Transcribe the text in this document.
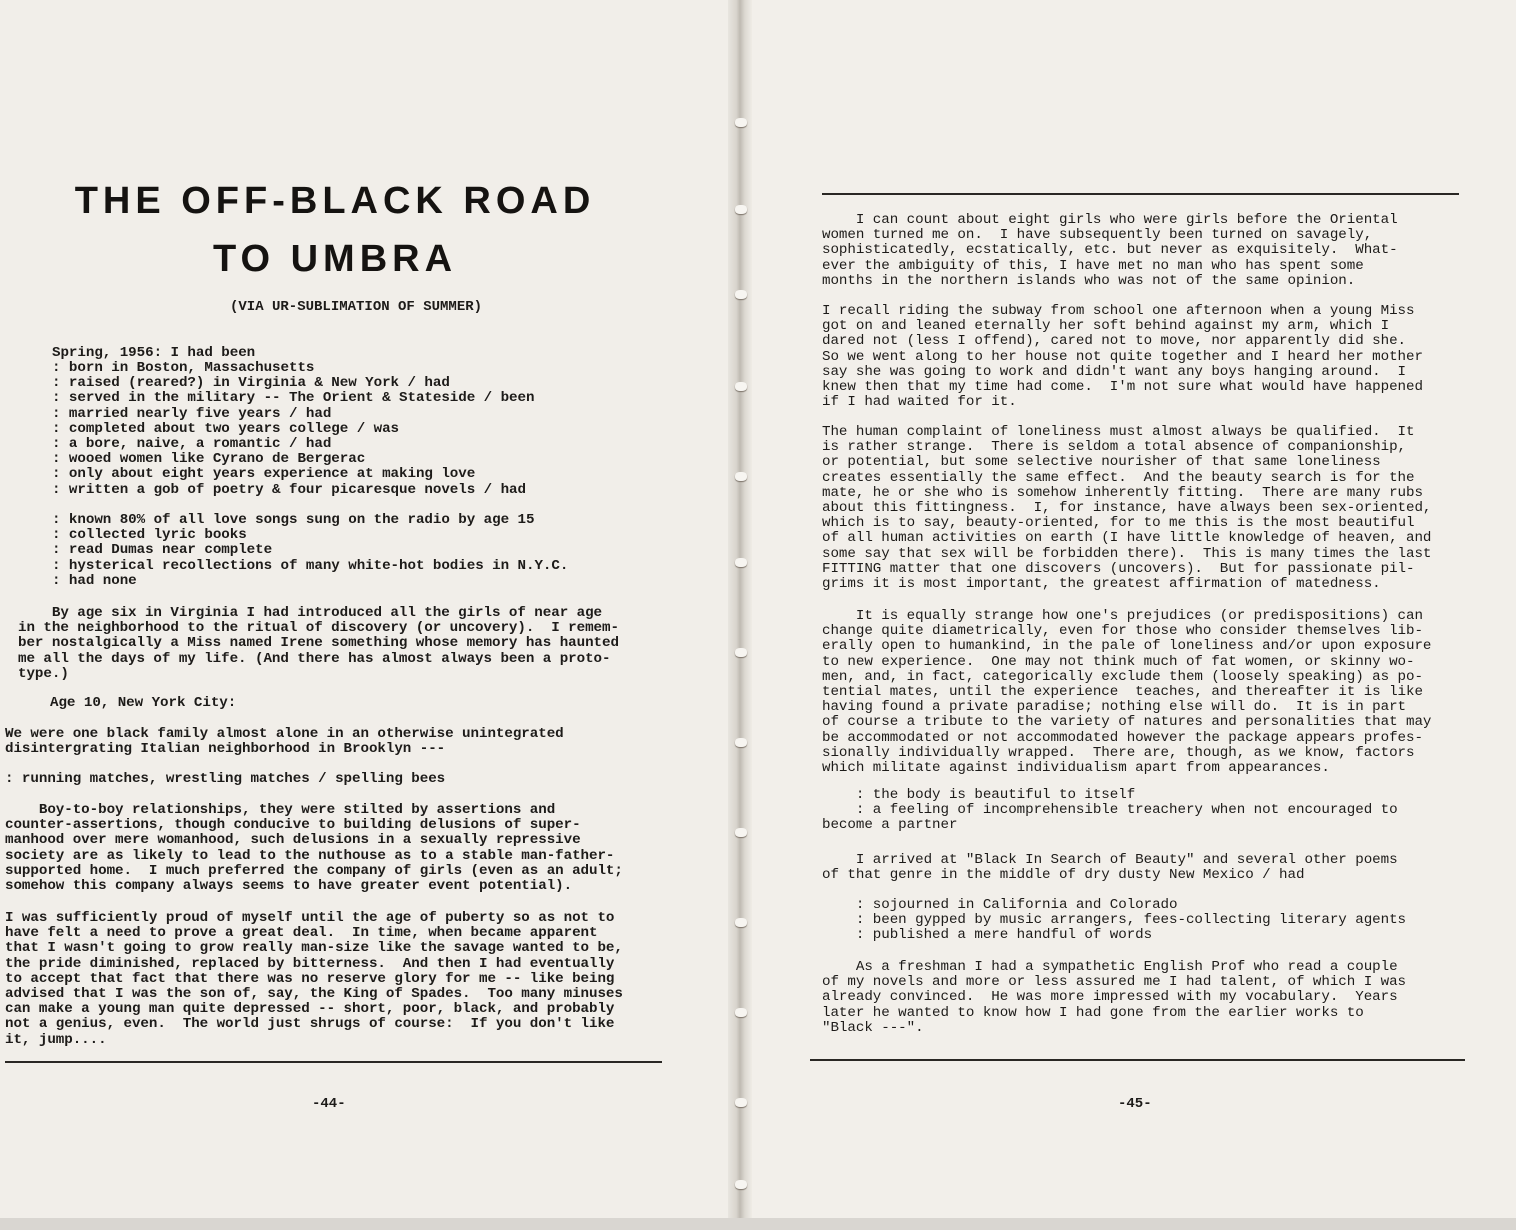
THE OFF-BLACK ROAD
TO UMBRA

(VIA UR-SUBLIMATION OF SUMMER)

Spring, 1956: I had been

: born in Boston, Massachusetts

: raised (reared?) in Virginia & New York / had

: served in the military -- The Orient & Stateside / been

: married nearly five years / had

: completed about two years college / was

: a bore, naive, a romantic / had

: wooed women like Cyrano de Bergerac

: only about eight years experience at making love

: written a gob of poetry & four picaresque novels / had

: known 80% of all love songs sung on the radio by age 15

: collected lyric books

: read Dumas near complete

: hysterical recollections of many white-hot bodies in N.Y.C.

: had none

By age six in Virginia I had introduced all the girls of near age
in the neighborhood to the ritual of discovery (or uncovery).  I remem-
ber nostalgically a Miss named Irene something whose memory has haunted
me all the days of my life. (And there has almost always been a proto-
type.)

Age 10, New York City:

We were one black family almost alone in an otherwise unintegrated
disintergrating Italian neighborhood in Brooklyn ---

: running matches, wrestling matches / spelling bees

Boy-to-boy relationships, they were stilted by assertions and
counter-assertions, though conducive to building delusions of super-
manhood over mere womanhood, such delusions in a sexually repressive
society are as likely to lead to the nuthouse as to a stable man-father-
supported home.  I much preferred the company of girls (even as an adult;
somehow this company always seems to have greater event potential).

I was sufficiently proud of myself until the age of puberty so as not to
have felt a need to prove a great deal.  In time, when became apparent
that I wasn't going to grow really man-size like the savage wanted to be,
the pride diminished, replaced by bitterness.  And then I had eventually
to accept that fact that there was no reserve glory for me -- like being
advised that I was the son of, say, the King of Spades.  Too many minuses
can make a young man quite depressed -- short, poor, black, and probably
not a genius, even.  The world just shrugs of course:  If you don't like
it, jump....

-44-

I can count about eight girls who were girls before the Oriental
women turned me on.  I have subsequently been turned on savagely,
sophisticatedly, ecstatically, etc. but never as exquisitely.  What-
ever the ambiguity of this, I have met no man who has spent some
months in the northern islands who was not of the same opinion.

I recall riding the subway from school one afternoon when a young Miss
got on and leaned eternally her soft behind against my arm, which I
dared not (less I offend), cared not to move, nor apparently did she.
So we went along to her house not quite together and I heard her mother
say she was going to work and didn't want any boys hanging around.  I
knew then that my time had come.  I'm not sure what would have happened
if I had waited for it.

The human complaint of loneliness must almost always be qualified.  It
is rather strange.  There is seldom a total absence of companionship,
or potential, but some selective nourisher of that same loneliness
creates essentially the same effect.  And the beauty search is for the
mate, he or she who is somehow inherently fitting.  There are many rubs
about this fittingness.  I, for instance, have always been sex-oriented,
which is to say, beauty-oriented, for to me this is the most beautiful
of all human activities on earth (I have little knowledge of heaven, and
some say that sex will be forbidden there).  This is many times the last
FITTING matter that one discovers (uncovers).  But for passionate pil-
grims it is most important, the greatest affirmation of matedness.

It is equally strange how one's prejudices (or predispositions) can
change quite diametrically, even for those who consider themselves lib-
erally open to humankind, in the pale of loneliness and/or upon exposure
to new experience.  One may not think much of fat women, or skinny wo-
men, and, in fact, categorically exclude them (loosely speaking) as po-
tential mates, until the experience  teaches, and thereafter it is like
having found a private paradise; nothing else will do.  It is in part
of course a tribute to the variety of natures and personalities that may
be accommodated or not accommodated however the package appears profes-
sionally individually wrapped.  There are, though, as we know, factors
which militate against individualism apart from appearances.

: the body is beautiful to itself
: a feeling of incomprehensible treachery when not encouraged to
become a partner

I arrived at "Black In Search of Beauty" and several other poems
of that genre in the middle of dry dusty New Mexico / had

: sojourned in California and Colorado
: been gypped by music arrangers, fees-collecting literary agents
: published a mere handful of words

As a freshman I had a sympathetic English Prof who read a couple
of my novels and more or less assured me I had talent, of which I was
already convinced.  He was more impressed with my vocabulary.  Years
later he wanted to know how I had gone from the earlier works to
"Black ---".

-45-
